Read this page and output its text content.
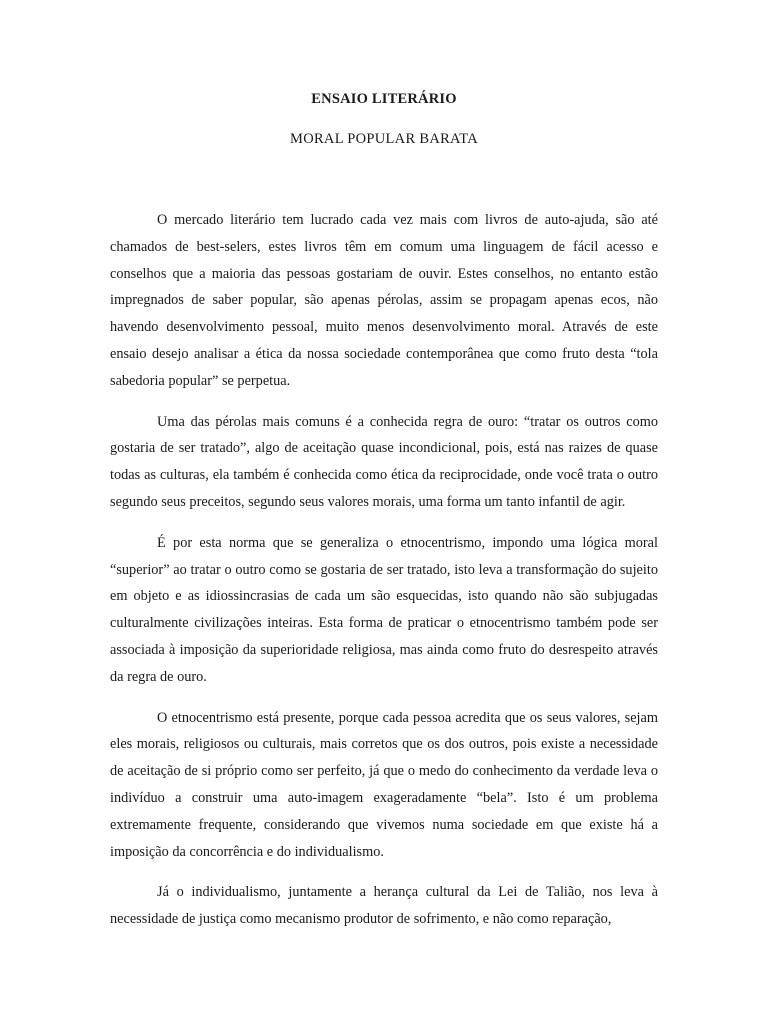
ENSAIO LITERÁRIO
MORAL POPULAR BARATA

O mercado literário tem lucrado cada vez mais com livros de auto-ajuda, são até chamados de best-selers, estes livros têm em comum uma linguagem de fácil acesso e conselhos que a maioria das pessoas gostariam de ouvir. Estes conselhos, no entanto estão impregnados de saber popular, são apenas pérolas, assim se propagam apenas ecos, não havendo desenvolvimento pessoal, muito menos desenvolvimento moral. Através de este ensaio desejo analisar a ética da nossa sociedade contemporânea que como fruto desta “tola sabedoria popular” se perpetua.

Uma das pérolas mais comuns é a conhecida regra de ouro: “tratar os outros como gostaria de ser tratado”, algo de aceitação quase incondicional, pois, está nas raizes de quase todas as culturas, ela também é conhecida como ética da reciprocidade, onde você trata o outro segundo seus preceitos, segundo seus valores morais, uma forma um tanto infantil de agir.

É por esta norma que se generaliza o etnocentrismo, impondo uma lógica moral “superior” ao tratar o outro como se gostaria de ser tratado, isto leva a transformação do sujeito em objeto e as idiossincrasias de cada um são esquecidas, isto quando não são subjugadas culturalmente civilizações inteiras. Esta forma de praticar o etnocentrismo também pode ser associada à imposição da superioridade religiosa, mas ainda como fruto do desrespeito através da regra de ouro.

O etnocentrismo está presente, porque cada pessoa acredita que os seus valores, sejam eles morais, religiosos ou culturais, mais corretos que os dos outros, pois existe a necessidade de aceitação de si próprio como ser perfeito, já que o medo do conhecimento da verdade leva o indivíduo a construir uma auto-imagem exageradamente “bela”. Isto é um problema extremamente frequente, considerando que vivemos numa sociedade em que existe há a imposição da concorrência e do individualismo.

Já o individualismo, juntamente a herança cultural da Lei de Talião, nos leva à necessidade de justiça como mecanismo produtor de sofrimento, e não como reparação,
